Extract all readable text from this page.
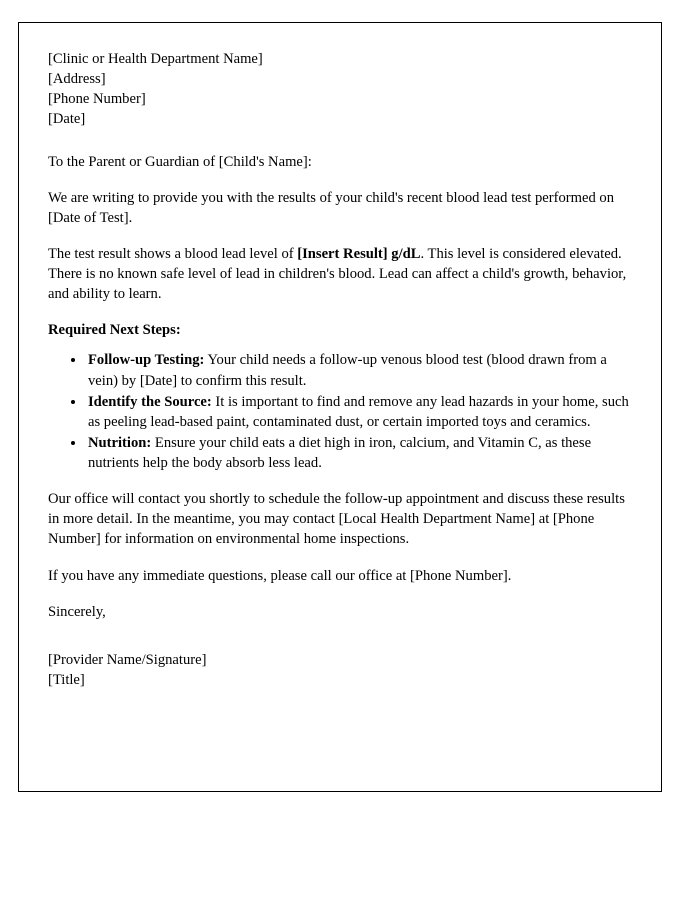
[Clinic or Health Department Name]
[Address]
[Phone Number]
[Date]
To the Parent or Guardian of [Child's Name]:
We are writing to provide you with the results of your child's recent blood lead test performed on [Date of Test].
The test result shows a blood lead level of [Insert Result] g/dL. This level is considered elevated. There is no known safe level of lead in children's blood. Lead can affect a child's growth, behavior, and ability to learn.
Required Next Steps:
• Follow-up Testing: Your child needs a follow-up venous blood test (blood drawn from a vein) by [Date] to confirm this result.
• Identify the Source: It is important to find and remove any lead hazards in your home, such as peeling lead-based paint, contaminated dust, or certain imported toys and ceramics.
• Nutrition: Ensure your child eats a diet high in iron, calcium, and Vitamin C, as these nutrients help the body absorb less lead.
Our office will contact you shortly to schedule the follow-up appointment and discuss these results in more detail. In the meantime, you may contact [Local Health Department Name] at [Phone Number] for information on environmental home inspections.
If you have any immediate questions, please call our office at [Phone Number].
Sincerely,
[Provider Name/Signature]
[Title]
